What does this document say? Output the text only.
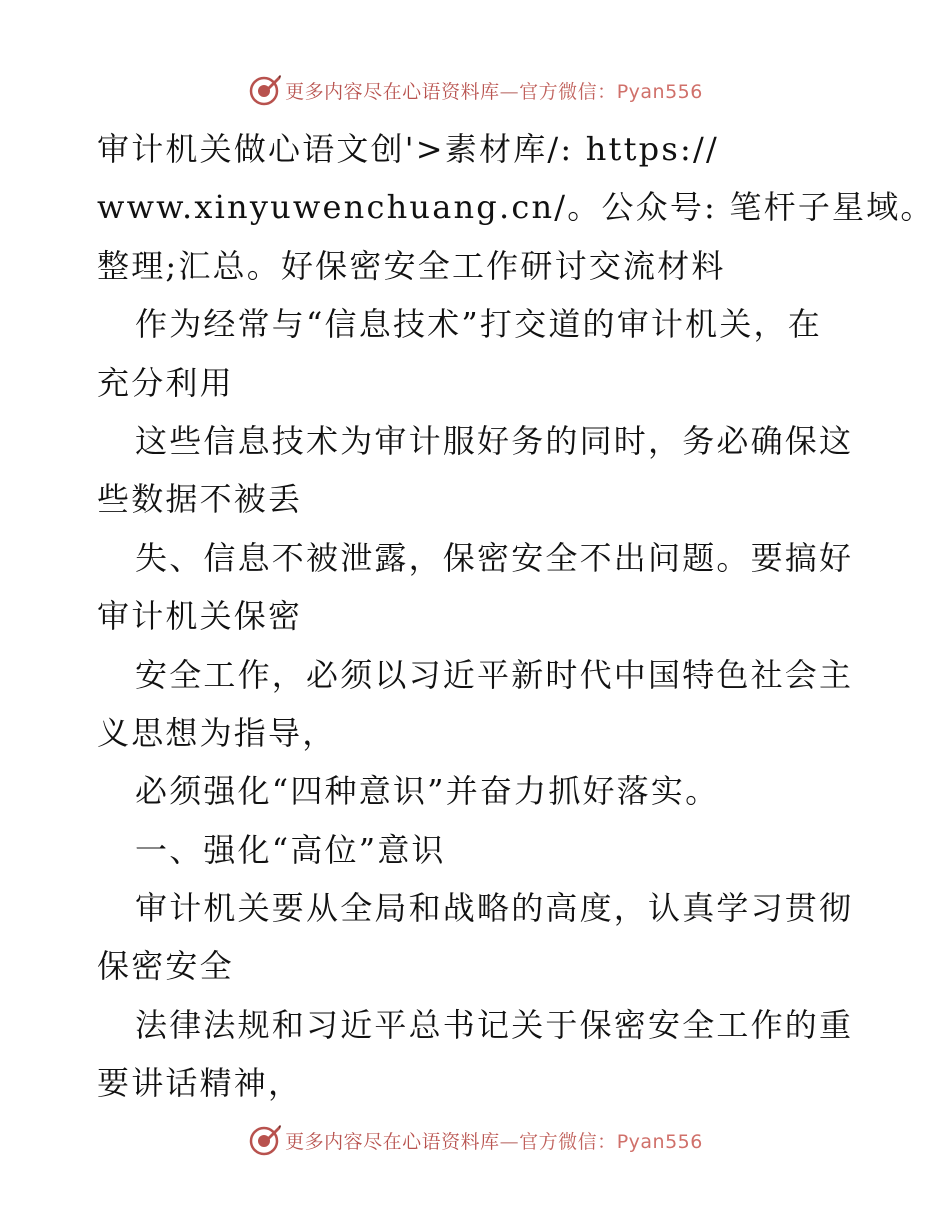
更多内容尽在心语资料库—官方微信：Pyan556
审计机关做心语文创'>素材库/: https://
www.xinyuwenchuang.cn/。公众号: 笔杆子星域。
整理;汇总。好保密安全工作研讨交流材料
作为经常与“信息技术”打交道的审计机关，在
充分利用
这些信息技术为审计服好务的同时，务必确保这
些数据不被丢
失、信息不被泄露，保密安全不出问题。要搞好
审计机关保密
安全工作，必须以习近平新时代中国特色社会主
义思想为指导，
必须强化“四种意识”并奋力抓好落实。
一、强化“高位”意识
审计机关要从全局和战略的高度，认真学习贯彻
保密安全
法律法规和习近平总书记关于保密安全工作的重
要讲话精神，
更多内容尽在心语资料库—官方微信：Pyan556
